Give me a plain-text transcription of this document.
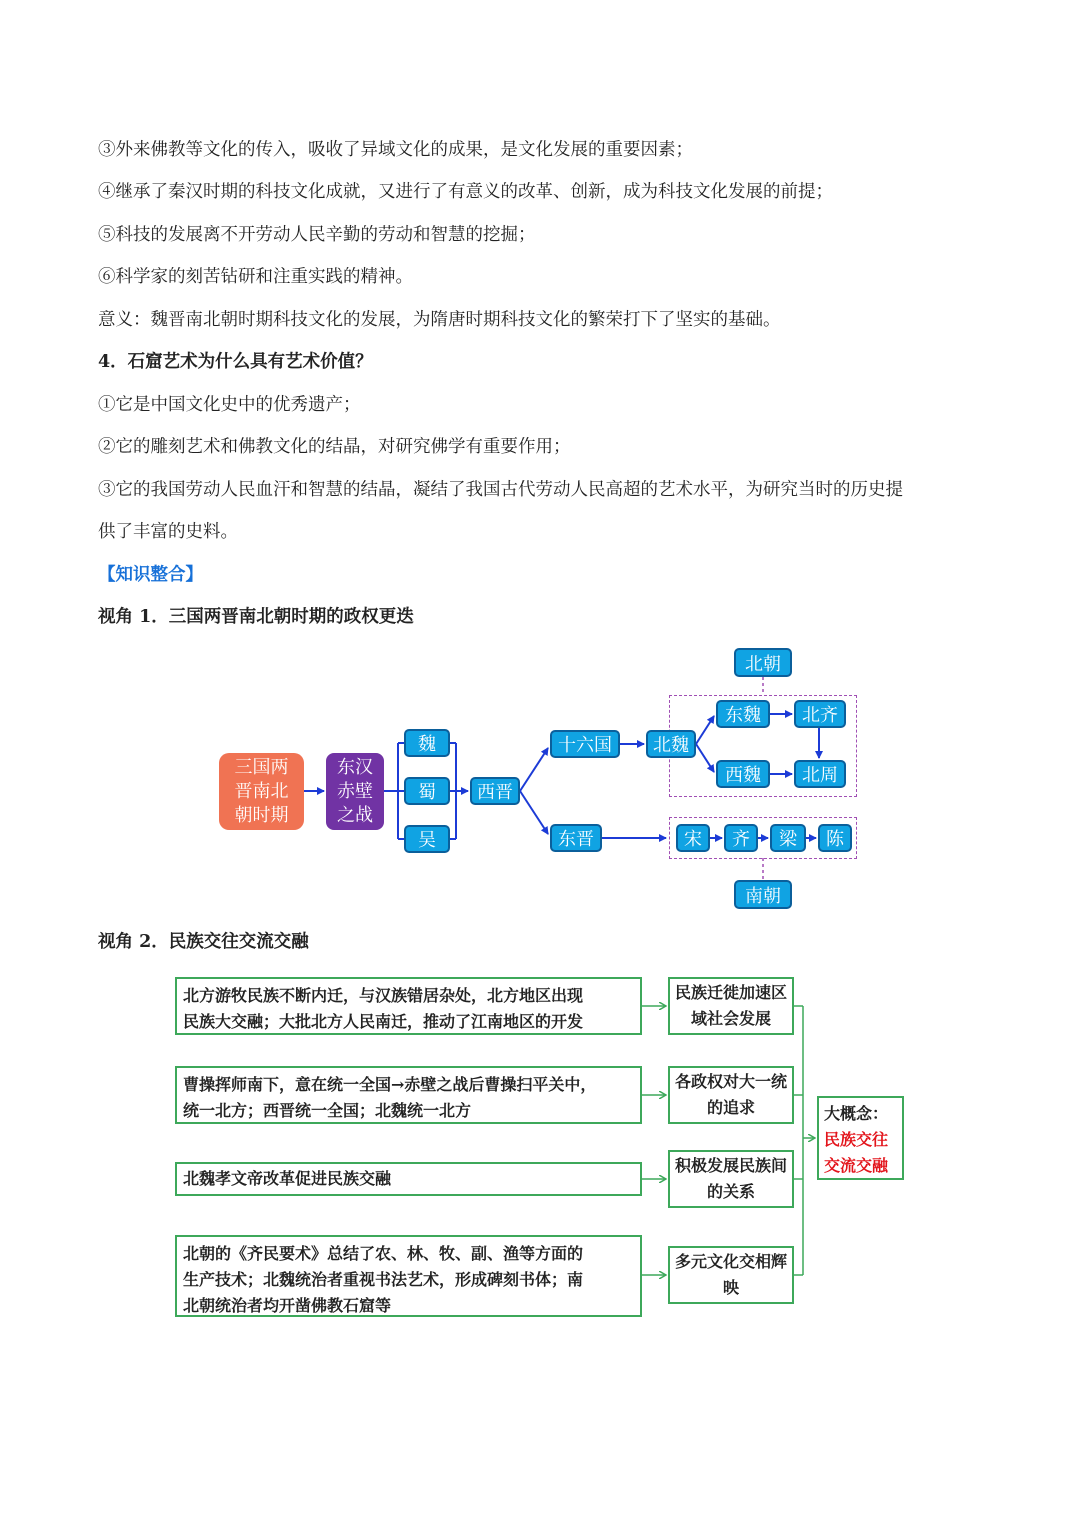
③外来佛教等文化的传入，吸收了异域文化的成果，是文化发展的重要因素；
④继承了秦汉时期的科技文化成就，又进行了有意义的改革、创新，成为科技文化发展的前提；
⑤科技的发展离不开劳动人民辛勤的劳动和智慧的挖掘；
⑥科学家的刻苦钻研和注重实践的精神。
意义：魏晋南北朝时期科技文化的发展，为隋唐时期科技文化的繁荣打下了坚实的基础。
4．石窟艺术为什么具有艺术价值？
①它是中国文化史中的优秀遗产；
②它的雕刻艺术和佛教文化的结晶，对研究佛学有重要作用；
③它的我国劳动人民血汗和智慧的结晶，凝结了我国古代劳动人民高超的艺术水平，为研究当时的历史提
供了丰富的史料。
【知识整合】
视角 1．三国两晋南北朝时期的政权更迭
三国两
晋南北
朝时期
东汉
赤壁
之战
魏
蜀
吴
西晋
十六国	北魏
东魏	北齐
西魏	北周
北朝
东晋	宋	齐	梁	陈
南朝
视角 2．民族交往交流交融
北方游牧民族不断内迁，与汉族错居杂处，北方地区出现
民族大交融；大批北方人民南迁，推动了江南地区的开发
曹操挥师南下，意在统一全国→赤壁之战后曹操扫平关中，
统一北方；西晋统一全国；北魏统一北方
北魏孝文帝改革促进民族交融
北朝的《齐民要术》总结了农、林、牧、副、渔等方面的
生产技术；北魏统治者重视书法艺术，形成碑刻书体；南
北朝统治者均开凿佛教石窟等
民族迁徙加速区域社会发展
各政权对大一统的追求
积极发展民族间的关系
多元文化交相辉映
大概念：
民族交往交流交融
